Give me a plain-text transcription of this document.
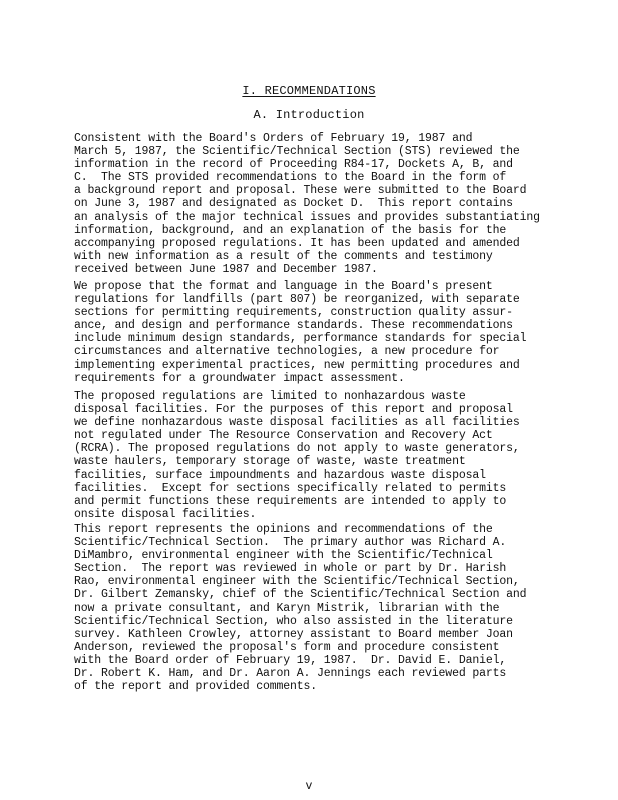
I. RECOMMENDATIONS
A. Introduction
Consistent with the Board's Orders of February 19, 1987 and
March 5, 1987, the Scientific/Technical Section (STS) reviewed the
information in the record of Proceeding R84-17, Dockets A, B, and
C.  The STS provided recommendations to the Board in the form of
a background report and proposal. These were submitted to the Board
on June 3, 1987 and designated as Docket D.  This report contains
an analysis of the major technical issues and provides substantiating
information, background, and an explanation of the basis for the
accompanying proposed regulations. It has been updated and amended
with new information as a result of the comments and testimony
received between June 1987 and December 1987.
We propose that the format and language in the Board's present
regulations for landfills (part 807) be reorganized, with separate
sections for permitting requirements, construction quality assur-
ance, and design and performance standards. These recommendations
include minimum design standards, performance standards for special
circumstances and alternative technologies, a new procedure for
implementing experimental practices, new permitting procedures and
requirements for a groundwater impact assessment.
The proposed regulations are limited to nonhazardous waste
disposal facilities. For the purposes of this report and proposal
we define nonhazardous waste disposal facilities as all facilities
not regulated under The Resource Conservation and Recovery Act
(RCRA). The proposed regulations do not apply to waste generators,
waste haulers, temporary storage of waste, waste treatment
facilities, surface impoundments and hazardous waste disposal
facilities.  Except for sections specifically related to permits
and permit functions these requirements are intended to apply to
onsite disposal facilities.
This report represents the opinions and recommendations of the
Scientific/Technical Section.  The primary author was Richard A.
DiMambro, environmental engineer with the Scientific/Technical
Section.  The report was reviewed in whole or part by Dr. Harish
Rao, environmental engineer with the Scientific/Technical Section,
Dr. Gilbert Zemansky, chief of the Scientific/Technical Section and
now a private consultant, and Karyn Mistrik, librarian with the
Scientific/Technical Section, who also assisted in the literature
survey. Kathleen Crowley, attorney assistant to Board member Joan
Anderson, reviewed the proposal's form and procedure consistent
with the Board order of February 19, 1987.  Dr. David E. Daniel,
Dr. Robert K. Ham, and Dr. Aaron A. Jennings each reviewed parts
of the report and provided comments.
v
